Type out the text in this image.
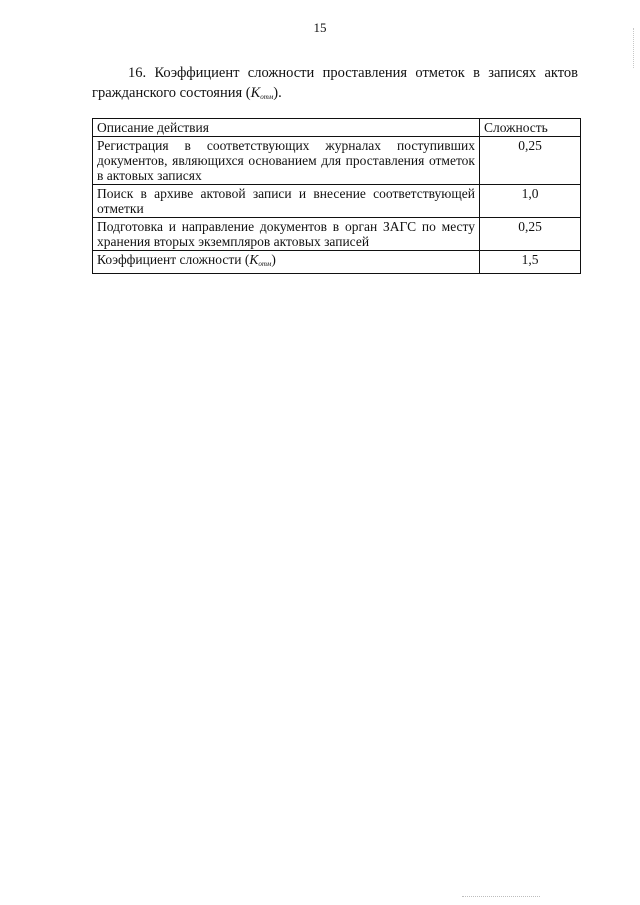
15

16. Коэффициент сложности проставления отметок в записях актов гражданского состояния (Kотм).

Описание действия	Сложность
Регистрация в соответствующих журналах поступивших документов, являющихся основанием для проставления отметок в актовых записях	0,25
Поиск в архиве актовой записи и внесение соответствующей отметки	1,0
Подготовка и направление документов в орган ЗАГС по месту хранения вторых экземпляров актовых записей	0,25
Коэффициент сложности (Kотм)	1,5
